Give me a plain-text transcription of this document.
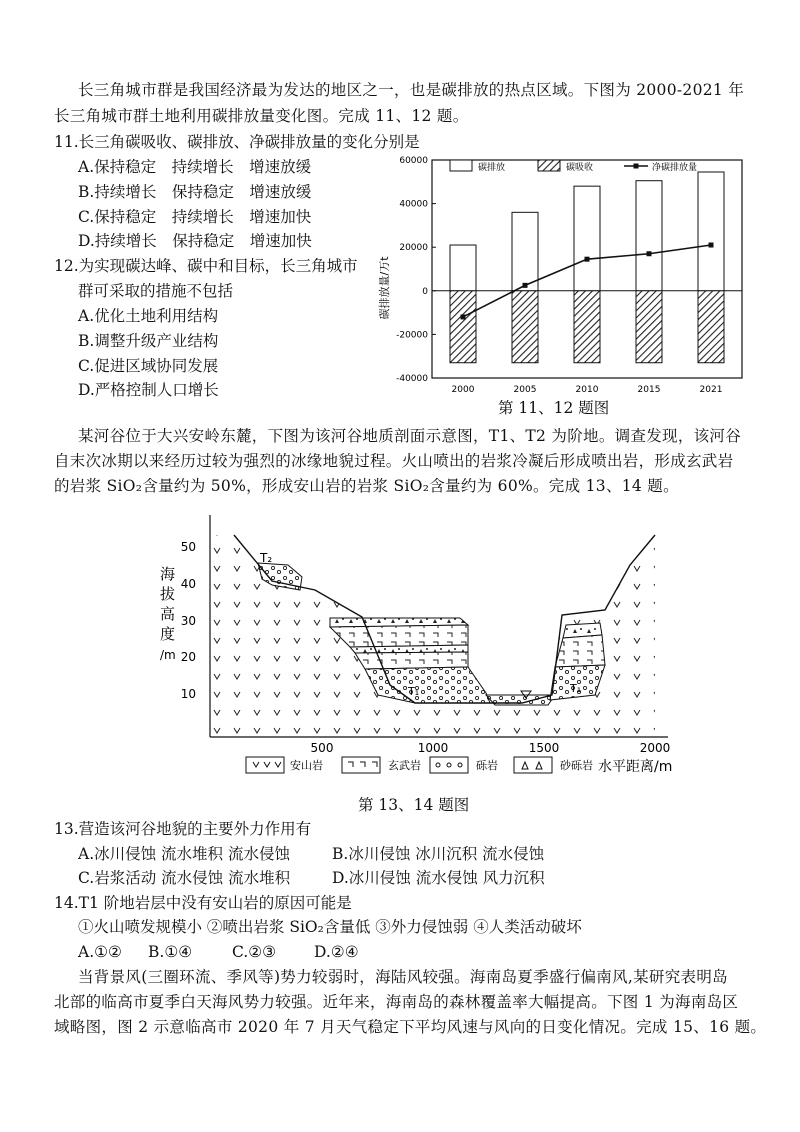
长三角城市群是我国经济最为发达的地区之一，也是碳排放的热点区域。下图为 2000-2021 年
长三角城市群土地利用碳排放量变化图。完成 11、12 题。
11.长三角碳吸收、碳排放、净碳排放量的变化分别是
A.保持稳定　持续增长　增速放缓
B.持续增长　保持稳定　增速放缓
C.保持稳定　持续增长　增速加快
D.持续增长　保持稳定　增速加快
12.为实现碳达峰、碳中和目标，长三角城市
群可采取的措施不包括
A.优化土地利用结构
B.调整升级产业结构
C.促进区域协同发展
D.严格控制人口增长
60000
40000
20000
0
-20000
-40000
2000	2005	2010	2015	2021
碳排放	碳吸收	净碳排放量
碳排放量/万t
第 11、12 题图
某河谷位于大兴安岭东麓，下图为该河谷地质剖面示意图，T1、T2 为阶地。调查发现，该河谷
自末次冰期以来经历过较为强烈的冰缘地貌过程。火山喷出的岩浆冷凝后形成喷出岩，形成玄武岩
的岩浆 SiO₂含量约为 50%，形成安山岩的岩浆 SiO₂含量约为 60%。完成 13、14 题。
T₂
T₁	T₁
50
40
30
20
10
海
拔
高
度
/m
500	1000	1500	2000
水平距离/m
安山岩	玄武岩	砾岩	砂砾岩
第 13、14 题图
13.营造该河谷地貌的主要外力作用有
A.冰川侵蚀 流水堆积 流水侵蚀	B.冰川侵蚀 冰川沉积 流水侵蚀
C.岩浆活动 流水侵蚀 流水堆积	D.冰川侵蚀 流水侵蚀 风力沉积
14.T1 阶地岩层中没有安山岩的原因可能是
①火山喷发规模小 ②喷出岩浆 SiO₂含量低 ③外力侵蚀弱 ④人类活动破坏
A.①② B.①④	C.②③ D.②④
当背景风(三圈环流、季风等)势力较弱时，海陆风较强。海南岛夏季盛行偏南风,某研究表明岛
北部的临高市夏季白天海风势力较强。近年来，海南岛的森林覆盖率大幅提高。下图 1 为海南岛区
域略图，图 2 示意临高市 2020 年 7 月天气稳定下平均风速与风向的日变化情况。完成 15、16 题。
